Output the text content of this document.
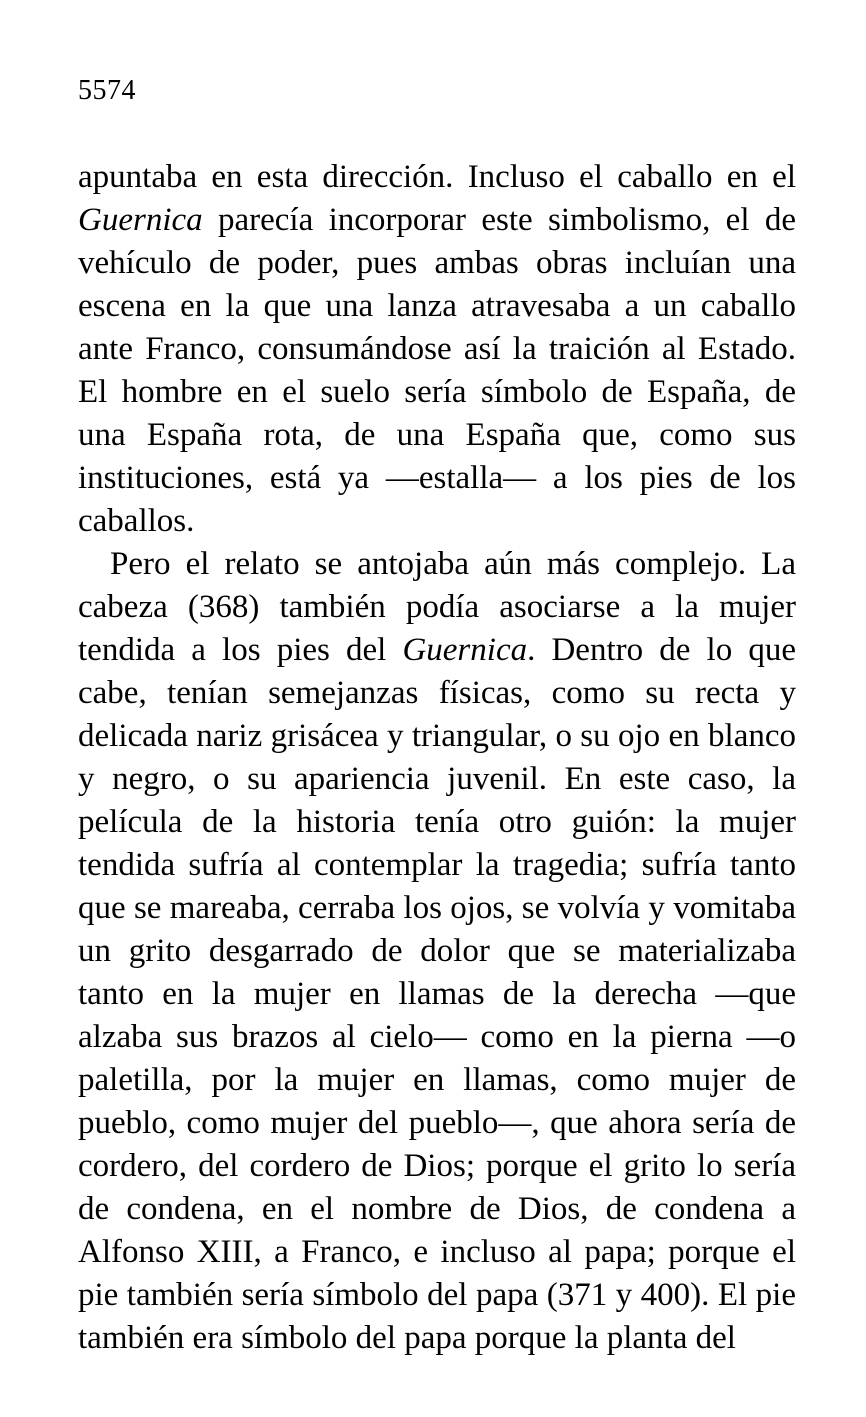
5574

apuntaba en esta dirección. Incluso el caballo en el Guernica parecía incorporar este simbolismo, el de vehículo de poder, pues ambas obras incluían una escena en la que una lanza atravesaba a un caballo ante Franco, consumándose así la traición al Estado. El hombre en el suelo sería símbolo de España, de una España rota, de una España que, como sus instituciones, está ya —estalla— a los pies de los caballos.

Pero el relato se antojaba aún más complejo. La cabeza (368) también podía asociarse a la mujer tendida a los pies del Guernica. Dentro de lo que cabe, tenían semejanzas físicas, como su recta y delicada nariz grisácea y triangular, o su ojo en blanco y negro, o su apariencia juvenil. En este caso, la película de la historia tenía otro guión: la mujer tendida sufría al contemplar la tragedia; sufría tanto que se mareaba, cerraba los ojos, se volvía y vomitaba un grito desgarrado de dolor que se materializaba tanto en la mujer en llamas de la derecha —que alzaba sus brazos al cielo— como en la pierna —o paletilla, por la mujer en llamas, como mujer de pueblo, como mujer del pueblo—, que ahora sería de cordero, del cordero de Dios; porque el grito lo sería de condena, en el nombre de Dios, de condena a Alfonso XIII, a Franco, e incluso al papa; porque el pie también sería símbolo del papa (371 y 400). El pie también era símbolo del papa porque la planta del
